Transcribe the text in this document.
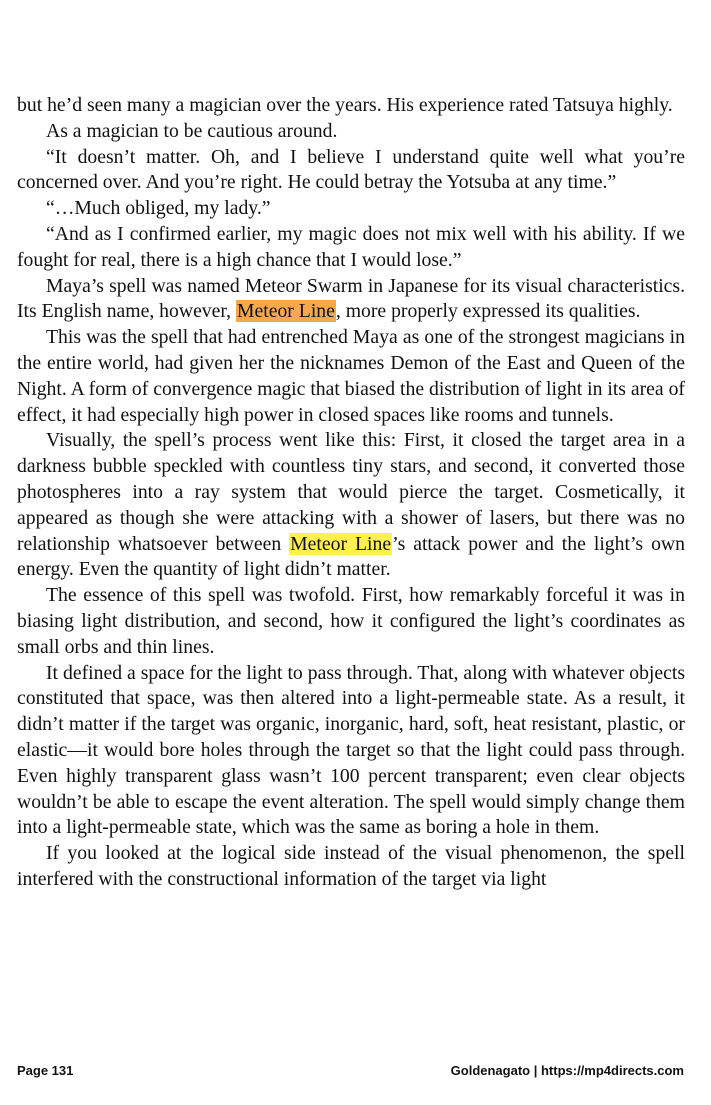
but he’d seen many a magician over the years. His experience rated Tatsuya highly.

As a magician to be cautious around.

“It doesn’t matter. Oh, and I believe I understand quite well what you’re concerned over. And you’re right. He could betray the Yotsuba at any time.”

“…Much obliged, my lady.”

“And as I confirmed earlier, my magic does not mix well with his ability. If we fought for real, there is a high chance that I would lose.”

Maya’s spell was named Meteor Swarm in Japanese for its visual characteristics. Its English name, however, Meteor Line, more properly expressed its qualities.

This was the spell that had entrenched Maya as one of the strongest magicians in the entire world, had given her the nicknames Demon of the East and Queen of the Night. A form of convergence magic that biased the distribution of light in its area of effect, it had especially high power in closed spaces like rooms and tunnels.

Visually, the spell’s process went like this: First, it closed the target area in a darkness bubble speckled with countless tiny stars, and second, it converted those photospheres into a ray system that would pierce the target. Cosmetically, it appeared as though she were attacking with a shower of lasers, but there was no relationship whatsoever between Meteor Line’s attack power and the light’s own energy. Even the quantity of light didn’t matter.

The essence of this spell was twofold. First, how remarkably forceful it was in biasing light distribution, and second, how it configured the light’s coordinates as small orbs and thin lines.

It defined a space for the light to pass through. That, along with whatever objects constituted that space, was then altered into a light-permeable state. As a result, it didn’t matter if the target was organic, inorganic, hard, soft, heat resistant, plastic, or elastic—it would bore holes through the target so that the light could pass through. Even highly transparent glass wasn’t 100 percent transparent; even clear objects wouldn’t be able to escape the event alteration. The spell would simply change them into a light-permeable state, which was the same as boring a hole in them.

If you looked at the logical side instead of the visual phenomenon, the spell interfered with the constructional information of the target via light

Page 131	Goldenagato | https://mp4directs.com
